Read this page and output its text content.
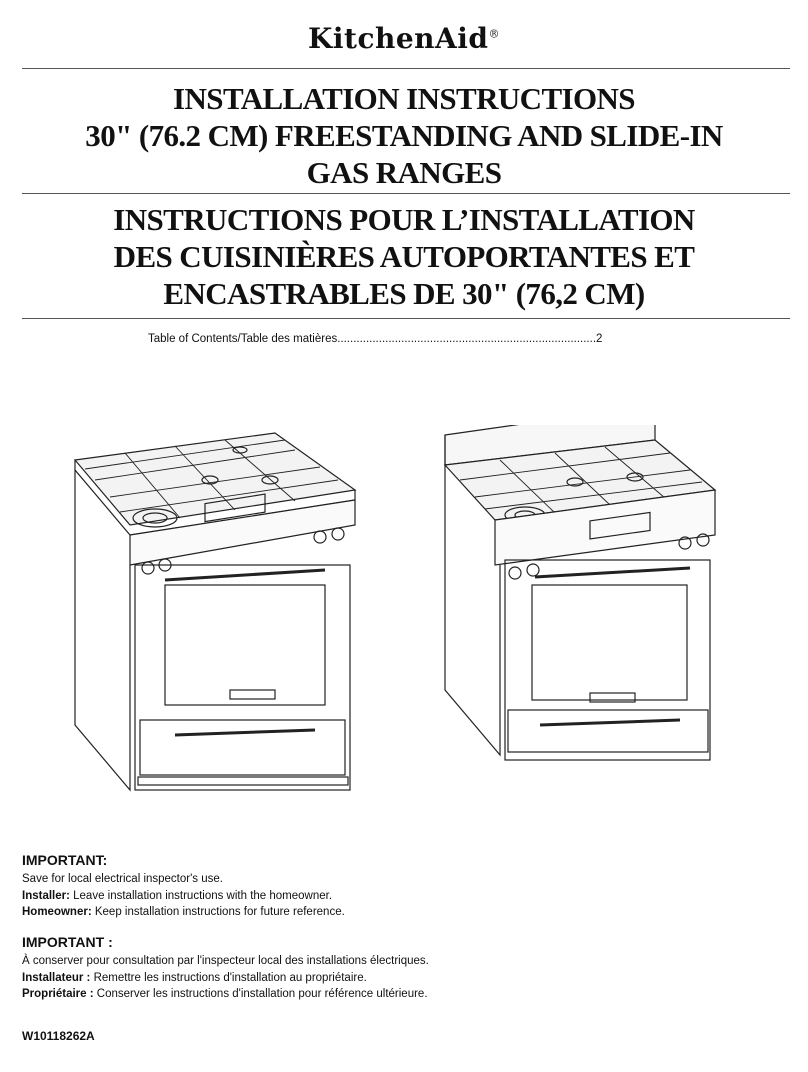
KitchenAid®
INSTALLATION INSTRUCTIONS
30" (76.2 CM) FREESTANDING AND SLIDE-IN
GAS RANGES
INSTRUCTIONS POUR L’INSTALLATION
DES CUISINIÈRES AUTOPORTANTES ET
ENCASTRABLES DE 30" (76,2 CM)
Table of Contents/Table des matières.................................................................................2
IMPORTANT:

Save for local electrical inspector's use.

Installer: Leave installation instructions with the homeowner.

Homeowner: Keep installation instructions for future reference.

IMPORTANT :

À conserver pour consultation par l'inspecteur local des installations électriques.

Installateur : Remettre les instructions d'installation au propriétaire.

Propriétaire : Conserver les instructions d'installation pour référence ultérieure.

W10118262A
